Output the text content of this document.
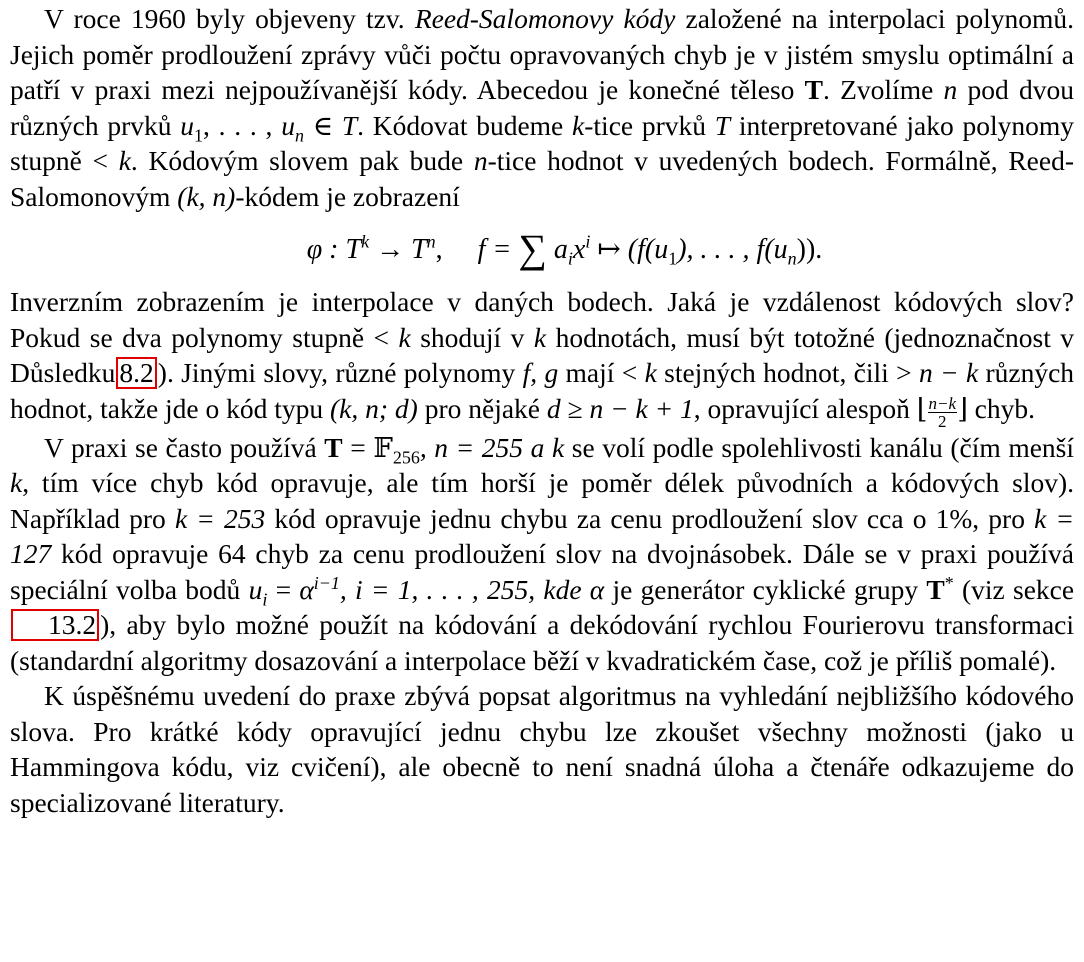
V roce 1960 byly objeveny tzv. Reed-Salomonovy kódy založené na interpolaci polynomů. Jejich poměr prodloužení zprávy vůči počtu opravovaných chyb je v jistém smyslu optimální a patří v praxi mezi nejpoužívanější kódy. Abecedou je konečné těleso T. Zvolíme n pod dvou různých prvků $u_1$, . . . , $u_n$ ∈ T. Kódovat budeme k-tice prvků T interpretované jako polynomy stupně < k. Kódovým slovem pak bude n-tice hodnot v uvedených bodech. Formálně, Reed-Salomonovým (k, n)-kódem je zobrazení

φ : $T^k \to T^n$,     f = ∑ $a_ix^i$ ↦ ($f(u_1)$, . . . , $f(u_n)$).

Inverzním zobrazením je interpolace v daných bodech. Jaká je vzdálenost kódových slov? Pokud se dva polynomy stupně < k shodují v k hodnotách, musí být totožné (jednoznačnost v Důsledku 8.2 ). Jinými slovy, různé polynomy f, g mají < k stejných hodnot, čili > n − k různých hodnot, takže jde o kód typu (k, n; d) pro nějaké d ≥ n − k + 1, opravující alespoň ⌊ $\frac{n-k}{2}$ ⌋ chyb.

V praxi se často používá T = 𝔽$_{256}$, n = 255 a k se volí podle spolehlivosti kanálu (čím menší k, tím více chyb kód opravuje, ale tím horší je poměr délek původních a kódových slov). Například pro k = 253 kód opravuje jednu chybu za cenu prodloužení slov cca o 1%, pro k = 127 kód opravuje 64 chyb za cenu prodloužení slov na dvojnásobek. Dále se v praxi používá speciální volba bodů $u_i = \alpha^{i-1}$, i = 1, . . . , 255, kde α je generátor cyklické grupy T* (viz sekce 13.2 ), aby bylo možné použít na kódování a dekódování rychlou Fourierovu transformaci (standardní algoritmy dosazování a interpolace běží v kvadratickém čase, což je příliš pomalé).

K úspěšnému uvedení do praxe zbývá popsat algoritmus na vyhledání nejbližšího kódového slova. Pro krátké kódy opravující jednu chybu lze zkoušet všechny možnosti (jako u Hammingova kódu, viz cvičení), ale obecně to není snadná úloha a čtenáře odkazujeme do specializované literatury.
